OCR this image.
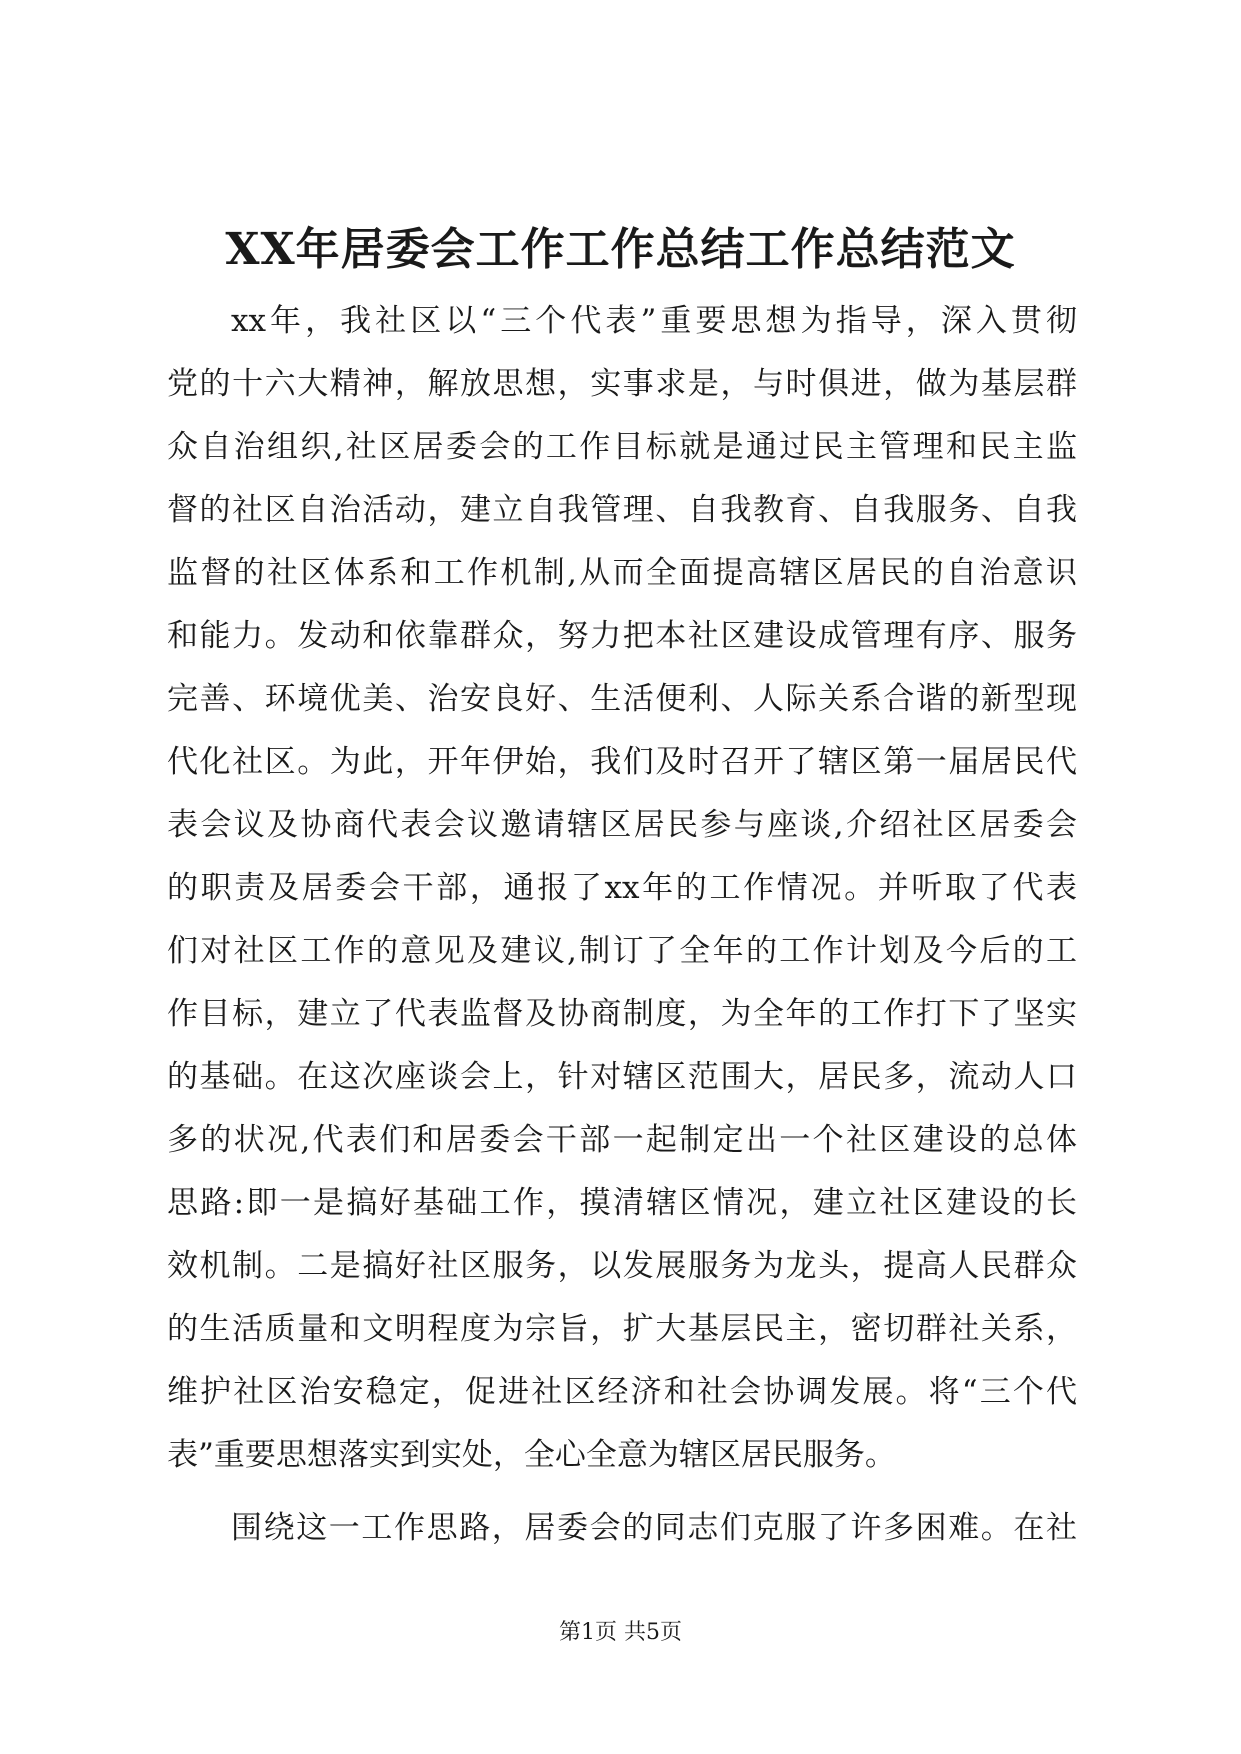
XX年居委会工作工作总结工作总结范文
xx年，我社区以“三个代表”重要思想为指导，深入贯彻
党的十六大精神，解放思想，实事求是，与时俱进，做为基层群
众自治组织,社区居委会的工作目标就是通过民主管理和民主监
督的社区自治活动，建立自我管理、自我教育、自我服务、自我
监督的社区体系和工作机制,从而全面提高辖区居民的自治意识
和能力。发动和依靠群众，努力把本社区建设成管理有序、服务
完善、环境优美、治安良好、生活便利、人际关系合谐的新型现
代化社区。为此，开年伊始，我们及时召开了辖区第一届居民代
表会议及协商代表会议邀请辖区居民参与座谈,介绍社区居委会
的职责及居委会干部，通报了xx年的工作情况。并听取了代表
们对社区工作的意见及建议,制订了全年的工作计划及今后的工
作目标，建立了代表监督及协商制度，为全年的工作打下了坚实
的基础。在这次座谈会上，针对辖区范围大，居民多，流动人口
多的状况,代表们和居委会干部一起制定出一个社区建设的总体
思路:即一是搞好基础工作，摸清辖区情况，建立社区建设的长
效机制。二是搞好社区服务，以发展服务为龙头，提高人民群众
的生活质量和文明程度为宗旨，扩大基层民主，密切群社关系，
维护社区治安稳定，促进社区经济和社会协调发展。将“三个代
表”重要思想落实到实处，全心全意为辖区居民服务。
围绕这一工作思路，居委会的同志们克服了许多困难。在社
第1页 共5页
